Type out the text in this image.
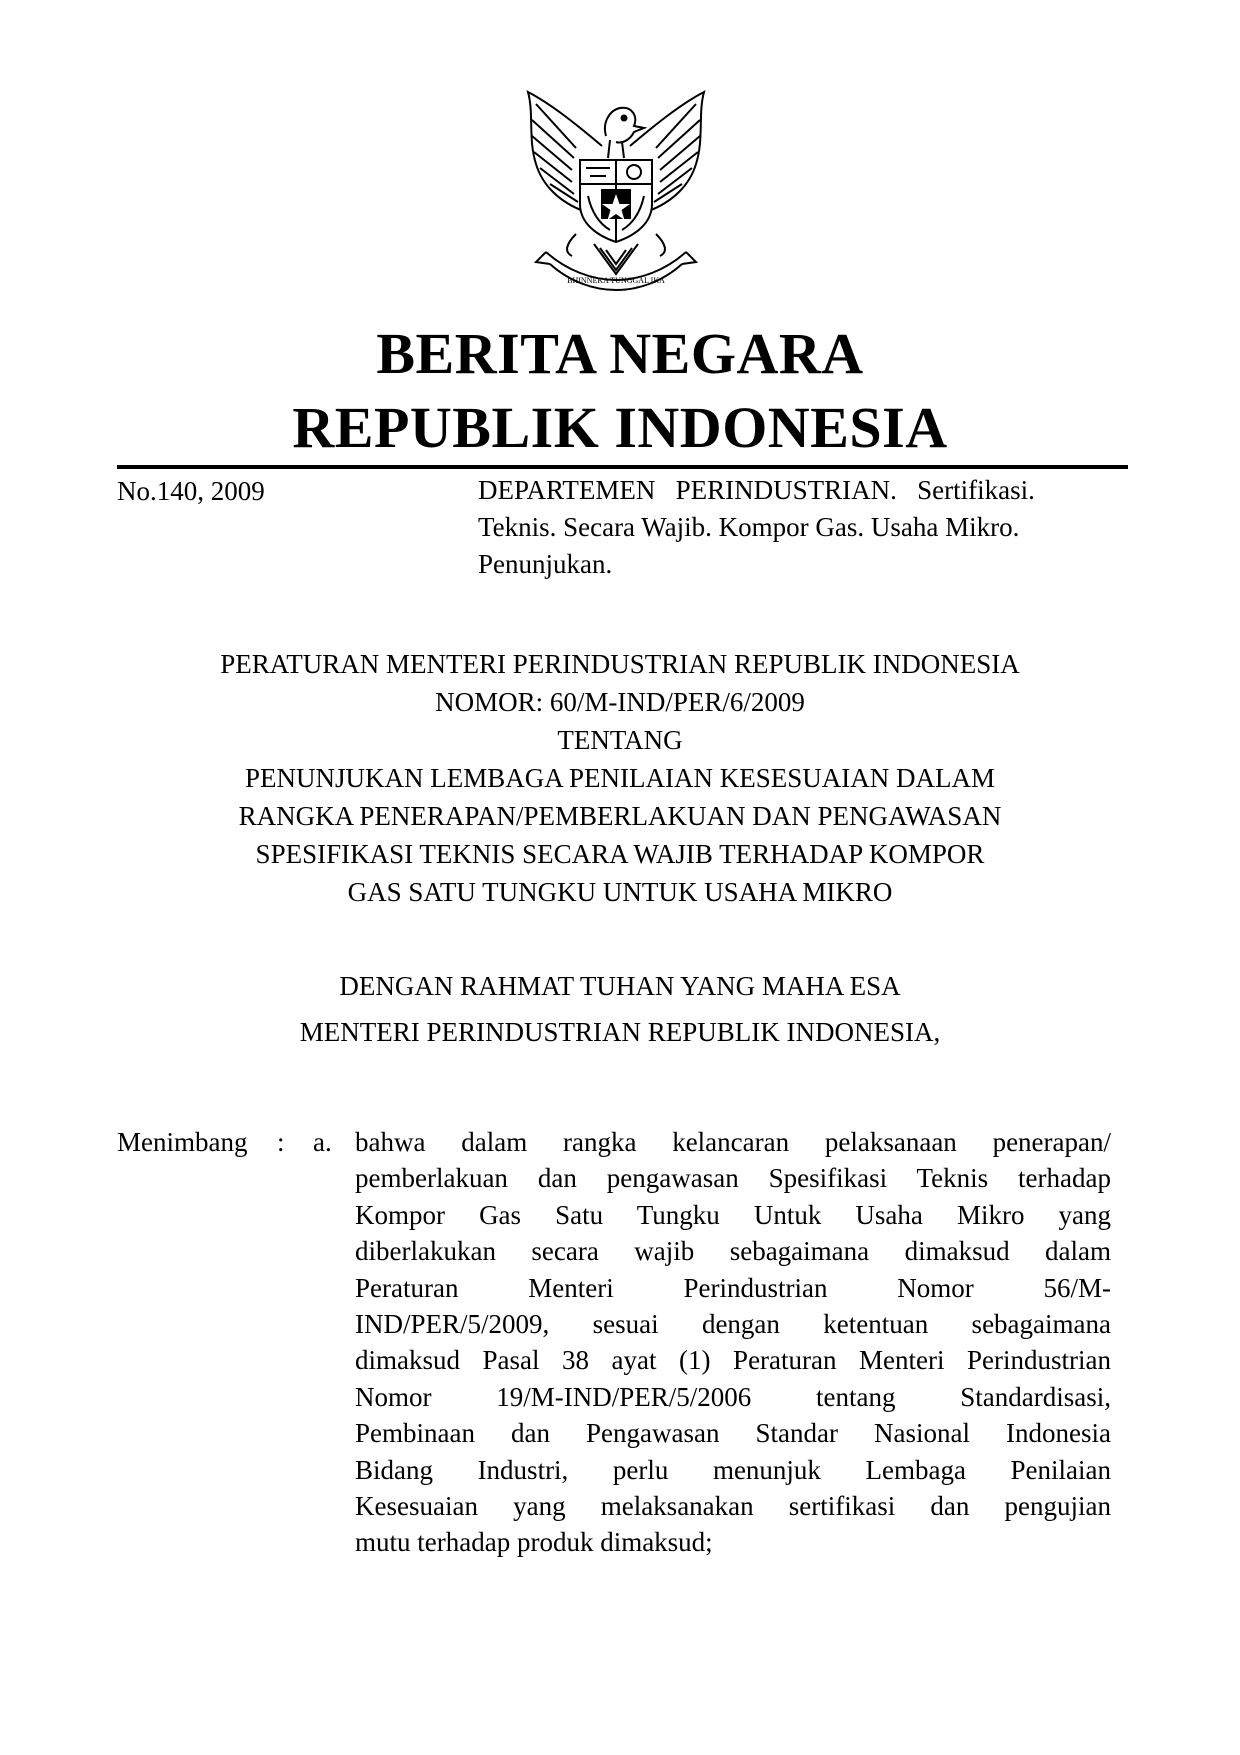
BHINNEKA TUNGGAL IKA
BERITA NEGARA
REPUBLIK INDONESIA
No.140, 2009	DEPARTEMEN   PERINDUSTRIAN.   Sertifikasi.
Teknis. Secara Wajib. Kompor Gas. Usaha Mikro.
Penunjukan.
PERATURAN MENTERI PERINDUSTRIAN REPUBLIK INDONESIA
NOMOR: 60/M-IND/PER/6/2009
TENTANG
PENUNJUKAN LEMBAGA PENILAIAN KESESUAIAN DALAM
RANGKA PENERAPAN/PEMBERLAKUAN DAN PENGAWASAN
SPESIFIKASI TEKNIS SECARA WAJIB TERHADAP KOMPOR
GAS SATU TUNGKU UNTUK USAHA MIKRO
DENGAN RAHMAT TUHAN YANG MAHA ESA
MENTERI PERINDUSTRIAN REPUBLIK INDONESIA,
Menimbang : a. bahwa dalam rangka kelancaran pelaksanaan penerapan/
pemberlakuan dan pengawasan Spesifikasi Teknis terhadap
Kompor Gas Satu Tungku Untuk Usaha Mikro yang
diberlakukan secara wajib sebagaimana dimaksud dalam
Peraturan Menteri Perindustrian Nomor 56/M-
IND/PER/5/2009, sesuai dengan ketentuan sebagaimana
dimaksud Pasal 38 ayat (1) Peraturan Menteri Perindustrian
Nomor 19/M-IND/PER/5/2006 tentang Standardisasi,
Pembinaan dan Pengawasan Standar Nasional Indonesia
Bidang Industri, perlu menunjuk Lembaga Penilaian
Kesesuaian yang melaksanakan sertifikasi dan pengujian
mutu terhadap produk dimaksud;
